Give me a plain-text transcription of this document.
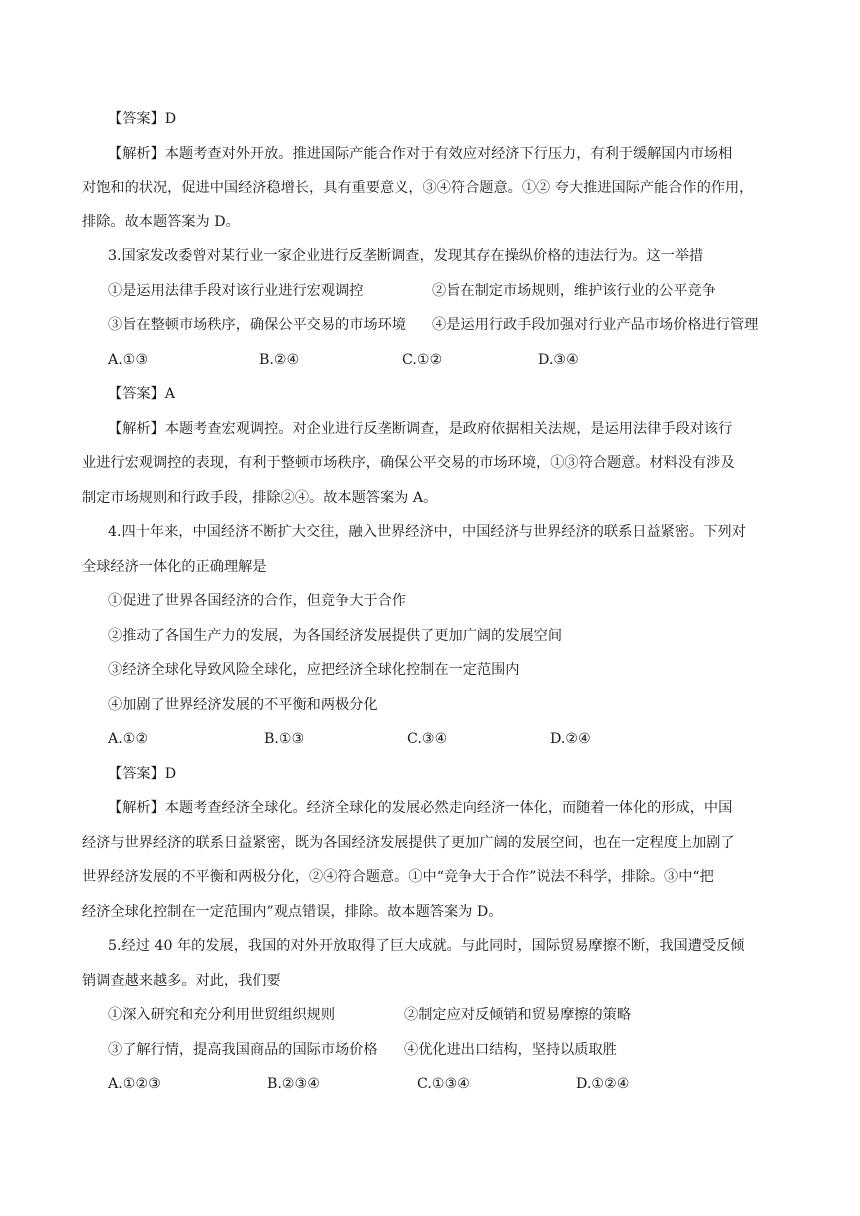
【答案】D
【解析】本题考查对外开放。推进国际产能合作对于有效应对经济下行压力，有利于缓解国内市场相
对饱和的状况，促进中国经济稳增长，具有重要意义，③④符合题意。①② 夸大推进国际产能合作的作用，
排除。故本题答案为 D。
3.国家发改委曾对某行业一家企业进行反垄断调查，发现其存在操纵价格的违法行为。这一举措
①是运用法律手段对该行业进行宏观调控	②旨在制定市场规则，维护该行业的公平竞争
③旨在整顿市场秩序，确保公平交易的市场环境 ④是运用行政手段加强对行业产品市场价格进行管理
A.①③	B.②④	C.①②	D.③④
【答案】A
【解析】本题考查宏观调控。对企业进行反垄断调查，是政府依据相关法规，是运用法律手段对该行
业进行宏观调控的表现，有利于整顿市场秩序，确保公平交易的市场环境，①③符合题意。材料没有涉及
制定市场规则和行政手段，排除②④。故本题答案为 A。
4.四十年来，中国经济不断扩大交往，融入世界经济中，中国经济与世界经济的联系日益紧密。下列对
全球经济一体化的正确理解是
①促进了世界各国经济的合作，但竞争大于合作
②推动了各国生产力的发展，为各国经济发展提供了更加广阔的发展空间
③经济全球化导致风险全球化，应把经济全球化控制在一定范围内
④加剧了世界经济发展的不平衡和两极分化
A.①②	B.①③	C.③④	D.②④
【答案】D
【解析】本题考查经济全球化。经济全球化的发展必然走向经济一体化，而随着一体化的形成，中国
经济与世界经济的联系日益紧密，既为各国经济发展提供了更加广阔的发展空间，也在一定程度上加剧了
世界经济发展的不平衡和两极分化，②④符合题意。①中“竞争大于合作”说法不科学，排除。③中“把
经济全球化控制在一定范围内”观点错误，排除。故本题答案为 D。
5.经过 40 年的发展，我国的对外开放取得了巨大成就。与此同时，国际贸易摩擦不断，我国遭受反倾
销调查越来越多。对此，我们要
①深入研究和充分利用世贸组织规则	②制定应对反倾销和贸易摩擦的策略
③了解行情，提高我国商品的国际市场价格 ④优化进出口结构，坚持以质取胜
A.①②③	B.②③④	C.①③④	D.①②④
